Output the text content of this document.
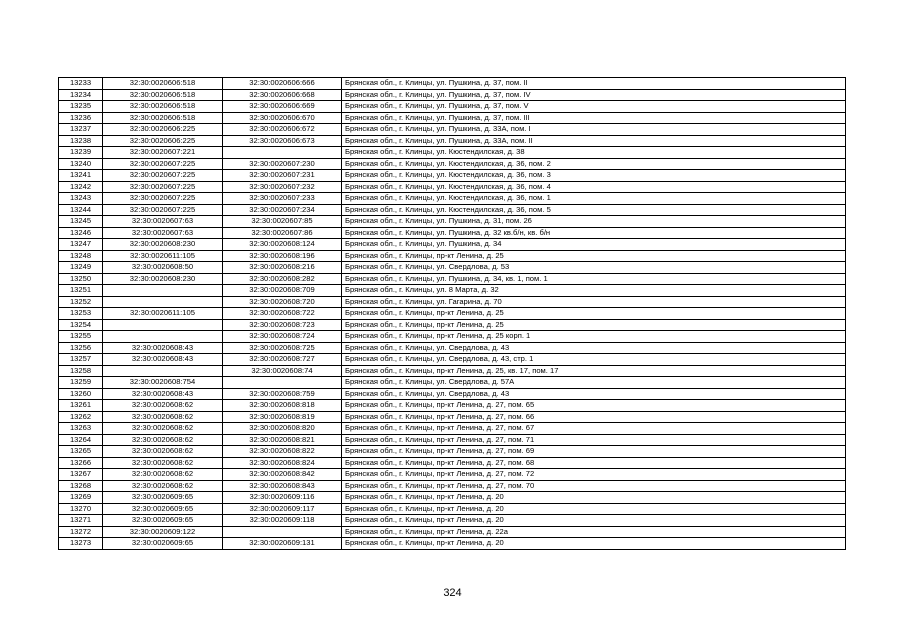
13233	32:30:0020606:518	32:30:0020606:666	Брянская обл., г. Клинцы, ул. Пушкина, д. 37, пом. II
13234	32:30:0020606:518	32:30:0020606:668	Брянская обл., г. Клинцы, ул. Пушкина, д. 37, пом. IV
13235	32:30:0020606:518	32:30:0020606:669	Брянская обл., г. Клинцы, ул. Пушкина, д. 37, пом. V
13236	32:30:0020606:518	32:30:0020606:670	Брянская обл., г. Клинцы, ул. Пушкина, д. 37, пом. III
13237	32:30:0020606:225	32:30:0020606:672	Брянская обл., г. Клинцы, ул. Пушкина, д. 33А, пом. I
13238	32:30:0020606:225	32:30:0020606:673	Брянская обл., г. Клинцы, ул. Пушкина, д. 33А, пом. II
13239	32:30:0020607:221		Брянская обл., г. Клинцы, ул. Кюстендилская, д. 38
13240	32:30:0020607:225	32:30:0020607:230	Брянская обл., г. Клинцы, ул. Кюстендилская, д. 36, пом. 2
13241	32:30:0020607:225	32:30:0020607:231	Брянская обл., г. Клинцы, ул. Кюстендилская, д. 36, пом. 3
13242	32:30:0020607:225	32:30:0020607:232	Брянская обл., г. Клинцы, ул. Кюстендилская, д. 36, пом. 4
13243	32:30:0020607:225	32:30:0020607:233	Брянская обл., г. Клинцы, ул. Кюстендилская, д. 36, пом. 1
13244	32:30:0020607:225	32:30:0020607:234	Брянская обл., г. Клинцы, ул. Кюстендилская, д. 36, пом. 5
13245	32:30:0020607:63	32:30:0020607:85	Брянская обл., г. Клинцы, ул. Пушкина, д. 31, пом. 26
13246	32:30:0020607:63	32:30:0020607:86	Брянская обл., г. Клинцы, ул. Пушкина, д. 32 кв.б/н, кв. б/н
13247	32:30:0020608:230	32:30:0020608:124	Брянская обл., г. Клинцы, ул. Пушкина, д. 34
13248	32:30:0020611:105	32:30:0020608:196	Брянская обл., г. Клинцы, пр-кт Ленина, д. 25
13249	32:30:0020608:50	32:30:0020608:216	Брянская обл., г. Клинцы, ул. Свердлова, д. 53
13250	32:30:0020608:230	32:30:0020608:282	Брянская обл., г. Клинцы, ул. Пушкина, д. 34, кв. 1, пом. 1
13251		32:30:0020608:709	Брянская обл., г. Клинцы, ул. 8 Марта, д. 32
13252		32:30:0020608:720	Брянская обл., г. Клинцы, ул. Гагарина, д. 70
13253	32:30:0020611:105	32:30:0020608:722	Брянская обл., г. Клинцы, пр-кт Ленина, д. 25
13254		32:30:0020608:723	Брянская обл., г. Клинцы, пр-кт Ленина, д. 25
13255		32:30:0020608:724	Брянская обл., г. Клинцы, пр-кт Ленина, д. 25 корп. 1
13256	32:30:0020608:43	32:30:0020608:725	Брянская обл., г. Клинцы, ул. Свердлова, д. 43
13257	32:30:0020608:43	32:30:0020608:727	Брянская обл., г. Клинцы, ул. Свердлова, д. 43, стр. 1
13258		32:30:0020608:74	Брянская обл., г. Клинцы, пр-кт Ленина, д. 25, кв. 17, пом. 17
13259	32:30:0020608:754		Брянская обл., г. Клинцы, ул. Свердлова, д. 57А
13260	32:30:0020608:43	32:30:0020608:759	Брянская обл., г. Клинцы, ул. Свердлова, д. 43
13261	32:30:0020608:62	32:30:0020608:818	Брянская обл., г. Клинцы, пр-кт Ленина, д. 27, пом. 65
13262	32:30:0020608:62	32:30:0020608:819	Брянская обл., г. Клинцы, пр-кт Ленина, д. 27, пом. 66
13263	32:30:0020608:62	32:30:0020608:820	Брянская обл., г. Клинцы, пр-кт Ленина, д. 27, пом. 67
13264	32:30:0020608:62	32:30:0020608:821	Брянская обл., г. Клинцы, пр-кт Ленина, д. 27, пом. 71
13265	32:30:0020608:62	32:30:0020608:822	Брянская обл., г. Клинцы, пр-кт Ленина, д. 27, пом. 69
13266	32:30:0020608:62	32:30:0020608:824	Брянская обл., г. Клинцы, пр-кт Ленина, д. 27, пом. 68
13267	32:30:0020608:62	32:30:0020608:842	Брянская обл., г. Клинцы, пр-кт Ленина, д. 27, пом. 72
13268	32:30:0020608:62	32:30:0020608:843	Брянская обл., г. Клинцы, пр-кт Ленина, д. 27, пом. 70
13269	32:30:0020609:65	32:30:0020609:116	Брянская обл., г. Клинцы, пр-кт Ленина, д. 20
13270	32:30:0020609:65	32:30:0020609:117	Брянская обл., г. Клинцы, пр-кт Ленина, д. 20
13271	32:30:0020609:65	32:30:0020609:118	Брянская обл., г. Клинцы, пр-кт Ленина, д. 20
13272	32:30:0020609:122		Брянская обл., г. Клинцы, пр-кт Ленина, д. 22а
13273	32:30:0020609:65	32:30:0020609:131	Брянская обл., г. Клинцы, пр-кт Ленина, д. 20
324
